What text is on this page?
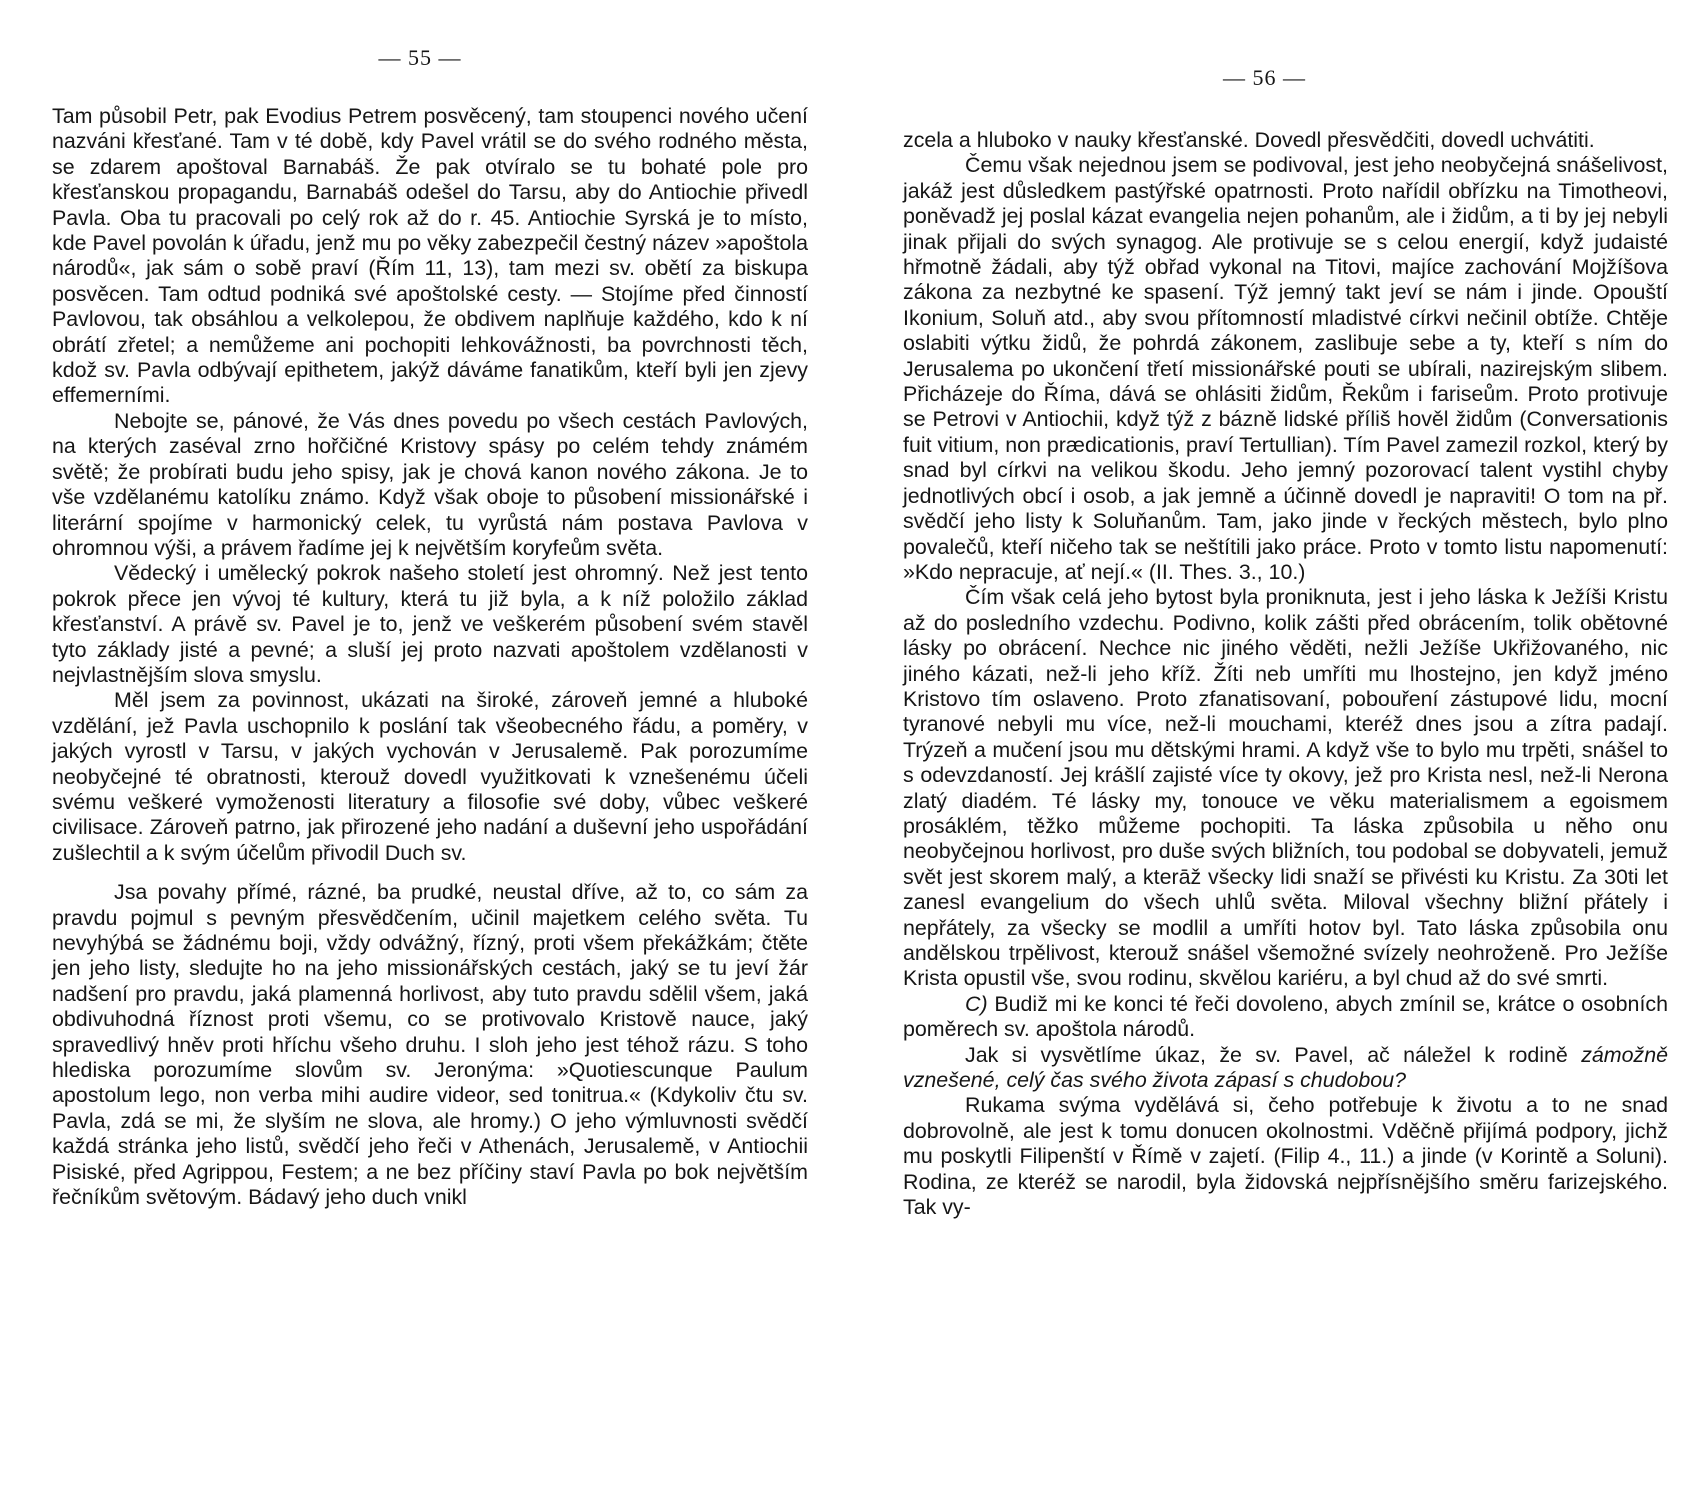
— 55 —

Tam působil Petr, pak Evodius Petrem posvěcený, tam stoupenci nového učení nazváni křesťané. Tam v té době, kdy Pavel vrátil se do svého rodného města, se zdarem apoštoval Barnabáš. Že pak otvíralo se tu bohaté pole pro křesťanskou propagandu, Barnabáš odešel do Tarsu, aby do Antiochie přivedl Pavla. Oba tu pracovali po celý rok až do r. 45. Antiochie Syrská je to místo, kde Pavel povolán k úřadu, jenž mu po věky zabezpečil čestný název »apoštola národů«, jak sám o sobě praví (Řím 11, 13), tam mezi sv. obětí za biskupa posvěcen. Tam odtud podniká své apoštolské cesty. — Stojíme před činností Pavlovou, tak obsáhlou a velkolepou, že obdivem naplňuje každého, kdo k ní obrátí zřetel; a nemůžeme ani pochopiti lehkovážnosti, ba povrchnosti těch, kdož sv. Pavla odbývají epithetem, jakýž dáváme fanatikům, kteří byli jen zjevy effemerními.

Nebojte se, pánové, že Vás dnes povedu po všech cestách Pavlových, na kterých zaséval zrno hořčičné Kristovy spásy po celém tehdy známém světě; že probírati budu jeho spisy, jak je chová kanon nového zákona. Je to vše vzdělanému katolíku známo. Když však oboje to působení missionářské i literární spojíme v harmonický celek, tu vyrůstá nám postava Pavlova v ohromnou výši, a právem řadíme jej k největším koryfeům světa.

Vědecký i umělecký pokrok našeho století jest ohromný. Než jest tento pokrok přece jen vývoj té kultury, která tu již byla, a k níž položilo základ křesťanství. A právě sv. Pavel je to, jenž ve veškerém působení svém stavěl tyto základy jisté a pevné; a sluší jej proto nazvati apoštolem vzdělanosti v nejvlastnějším slova smyslu.

Měl jsem za povinnost, ukázati na široké, zároveň jemné a hluboké vzdělání, jež Pavla uschopnilo k poslání tak všeobecného řádu, a poměry, v jakých vyrostl v Tarsu, v jakých vychován v Jerusalemě. Pak porozumíme neobyčejné té obratnosti, kterouž dovedl využitkovati k vznešenému účeli svému veškeré vymoženosti literatury a filosofie své doby, vůbec veškeré civilisace. Zároveň patrno, jak přirozené jeho nadání a duševní jeho uspořádání zušlechtil a k svým účelům přivodil Duch sv.

Jsa povahy přímé, rázné, ba prudké, neustal dříve, až to, co sám za pravdu pojmul s pevným přesvědčením, učinil majetkem celého světa. Tu nevyhýbá se žádnému boji, vždy odvážný, řízný, proti všem překážkám; čtěte jen jeho listy, sledujte ho na jeho missionářských cestách, jaký se tu jeví žár nadšení pro pravdu, jaká plamenná horlivost, aby tuto pravdu sdělil všem, jaká obdivuhodná říznost proti všemu, co se protivovalo Kristově nauce, jaký spravedlivý hněv proti hříchu všeho druhu. I sloh jeho jest téhož rázu. S toho hlediska porozumíme slovům sv. Jeronýma: »Quotiescunque Paulum apostolum lego, non verba mihi audire videor, sed tonitrua.« (Kdykoliv čtu sv. Pavla, zdá se mi, že slyším ne slova, ale hromy.) O jeho výmluvnosti svědčí každá stránka jeho listů, svědčí jeho řeči v Athenách, Jerusalemě, v Antiochii Pisiské, před Agrippou, Festem; a ne bez příčiny staví Pavla po bok největším řečníkům světovým. Bádavý jeho duch vnikl

— 56 —

zcela a hluboko v nauky křesťanské. Dovedl přesvědčiti, dovedl uchvátiti.

Čemu však nejednou jsem se podivoval, jest jeho neobyčejná snášelivost, jakáž jest důsledkem pastýřské opatrnosti. Proto nařídil obřízku na Timotheovi, poněvadž jej poslal kázat evangelia nejen pohanům, ale i židům, a ti by jej nebyli jinak přijali do svých synagog. Ale protivuje se s celou energií, když judaisté hřmotně žádali, aby týž obřad vykonal na Titovi, majíce zachování Mojžíšova zákona za nezbytné ke spasení. Týž jemný takt jeví se nám i jinde. Opouští Ikonium, Soluň atd., aby svou přítomností mladistvé církvi nečinil obtíže. Chtěje oslabiti výtku židů, že pohrdá zákonem, zaslibuje sebe a ty, kteří s ním do Jerusalema po ukončení třetí missionářské pouti se ubírali, nazirejským slibem. Přicházeje do Říma, dává se ohlásiti židům, Řekům i fariseům. Proto protivuje se Petrovi v Antiochii, když týž z bázně lidské příliš hověl židům (Conversationis fuit vitium, non prædicationis, praví Tertullian). Tím Pavel zamezil rozkol, který by snad byl církvi na velikou škodu. Jeho jemný pozorovací talent vystihl chyby jednotlivých obcí i osob, a jak jemně a účinně dovedl je napraviti! O tom na př. svědčí jeho listy k Soluňanům. Tam, jako jinde v řeckých městech, bylo plno povalečů, kteří ničeho tak se neštítili jako práce. Proto v tomto listu napomenutí: »Kdo nepracuje, ať nejí.« (II. Thes. 3., 10.)

Čím však celá jeho bytost byla proniknuta, jest i jeho láska k Ježíši Kristu až do posledního vzdechu. Podivno, kolik zášti před obrácením, tolik obětovné lásky po obrácení. Nechce nic jiného věděti, nežli Ježíše Ukřižovaného, nic jiného kázati, než-li jeho kříž. Žíti neb umříti mu lhostejno, jen když jméno Kristovo tím oslaveno. Proto zfanatisovaní, pobouření zástupové lidu, mocní tyranové nebyli mu více, než-li mouchami, kteréž dnes jsou a zítra padají. Trýzeň a mučení jsou mu dětskými hrami. A když vše to bylo mu trpěti, snášel to s odevzdaností. Jej krášlí zajisté více ty okovy, jež pro Krista nesl, než-li Nerona zlatý diadém. Té lásky my, tonouce ve věku materialismem a egoismem prosáklém, těžko můžeme pochopiti. Ta láska způsobila u něho onu neobyčejnou horlivost, pro duše svých bližních, tou podobal se dobyvateli, jemuž svět jest skorem malý, a kterāž všecky lidi snaží se přivésti ku Kristu. Za 30ti let zanesl evangelium do všech uhlů světa. Miloval všechny bližní přátely i nepřátely, za všecky se modlil a umříti hotov byl. Tato láska způsobila onu andělskou trpělivost, kterouž snášel všemožné svízely neohroženě. Pro Ježíše Krista opustil vše, svou rodinu, skvělou kariéru, a byl chud až do své smrti.

C) Budiž mi ke konci té řeči dovoleno, abych zmínil se, krátce o osobních poměrech sv. apoštola národů.

Jak si vysvětlíme úkaz, že sv. Pavel, ač náležel k rodině zámožně vznešené, celý čas svého života zápasí s chudobou?

Rukama svýma vydělává si, čeho potřebuje k životu a to ne snad dobrovolně, ale jest k tomu donucen okolnostmi. Vděčně přijímá podpory, jichž mu poskytli Filipenští v Římě v zajetí. (Filip 4., 11.) a jinde (v Korintě a Soluni). Rodina, ze kteréž se narodil, byla židovská nejpřísnějšího směru farizejského. Tak vy-
